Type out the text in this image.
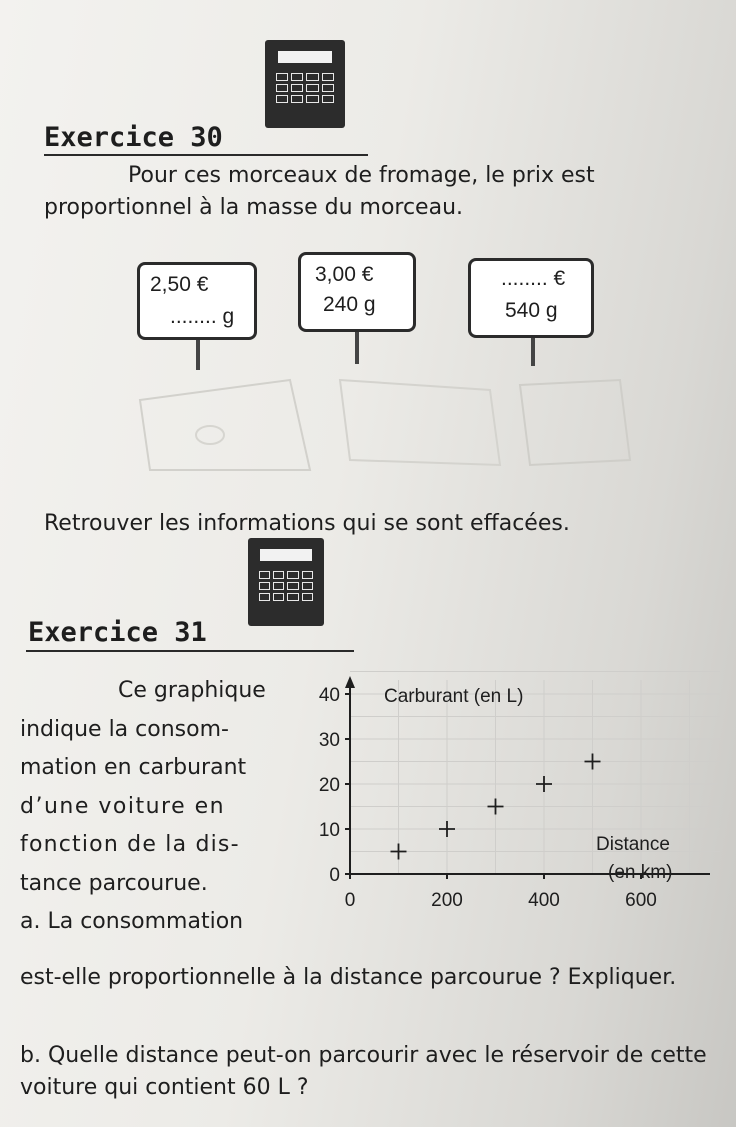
Exercice 30
Pour ces morceaux de fromage, le prix est proportionnel à la masse du morceau.
2,50 €
........ g
3,00 €
240 g
........ €
540 g
Retrouver les informations qui se sont effacées.
Exercice 31
Ce graphique
indique la consom-
mation en carburant
d’une voiture en
fonction de la dis-
tance parcourue.
a. La consommation
0
10
20
30
40
0	200	400	600
Carburant (en L)
Distance
(en km)
est-elle proportionnelle à la distance parcourue ? Expliquer.
b. Quelle distance peut-on parcourir avec le réservoir de cette voiture qui contient 60 L ?
